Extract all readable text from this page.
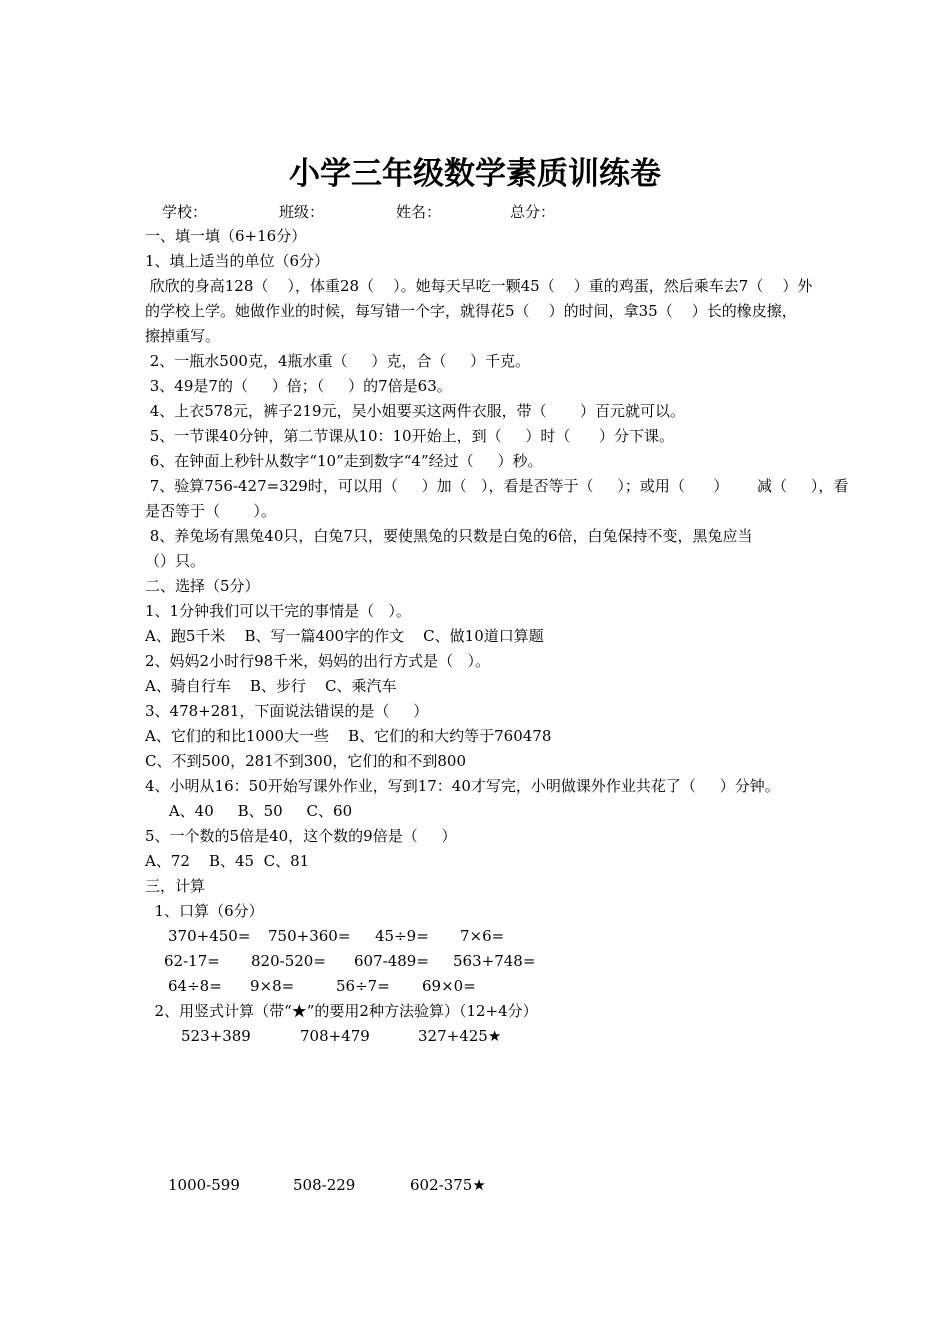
小学三年级数学素质训练卷
学校：	班级：	姓名：	总分：
一、填一填（6+16分）
1、填上适当的单位（6分）
欣欣的身高128（    ），体重28（    ）。她每天早吃一颗45（    ）重的鸡蛋，然后乘车去7（    ）外
的学校上学。她做作业的时候，每写错一个字，就得花5（    ）的时间，拿35（    ）长的橡皮擦，
擦掉重写。
2、一瓶水500克，4瓶水重（     ）克，合（     ）千克。
3、49是7的（     ）倍；（     ）的7倍是63。
4、上衣578元，裤子219元，吴小姐要买这两件衣服，带（       ）百元就可以。
5、一节课40分钟，第二节课从10：10开始上，到（     ）时（      ）分下课。
6、在钟面上秒针从数字“10”走到数字“4”经过（     ）秒。
7、验算756-427=329时，可以用（     ）加（   ），看是否等于（     ）；或用（      ）      减（     ），看
是否等于（       ）。
8、养兔场有黑兔40只，白兔7只，要使黑兔的只数是白兔的6倍，白兔保持不变，黑兔应当
（）只。
二、选择（5分）
1、1分钟我们可以干完的事情是（   ）。
A、跑5千米    B、写一篇400字的作文    C、做10道口算题
2、妈妈2小时行98千米，妈妈的出行方式是（   ）。
A、骑自行车    B、步行    C、乘汽车
3、478+281，下面说法错误的是（     ）
A、它们的和比1000大一些    B、它们的和大约等于760478
C、不到500，281不到300，它们的和不到800
4、小明从16：50开始写课外作业，写到17：40才写完，小明做课外作业共花了（     ）分钟。
A、40     B、50     C、60
5、一个数的5倍是40，这个数的9倍是（     ）
A、72    B、45  C、81
三，计算
1、口算（6分）
370+450= 750+360= 45÷9= 7×6=
62-17= 820-520= 607-489= 563+748=
64÷8= 9×8=	56÷7= 69×0=
2、用竖式计算（带“★”的要用2种方法验算）（12+4分）
523+389	708+479	327+425★
1000-599	508-229	602-375★
